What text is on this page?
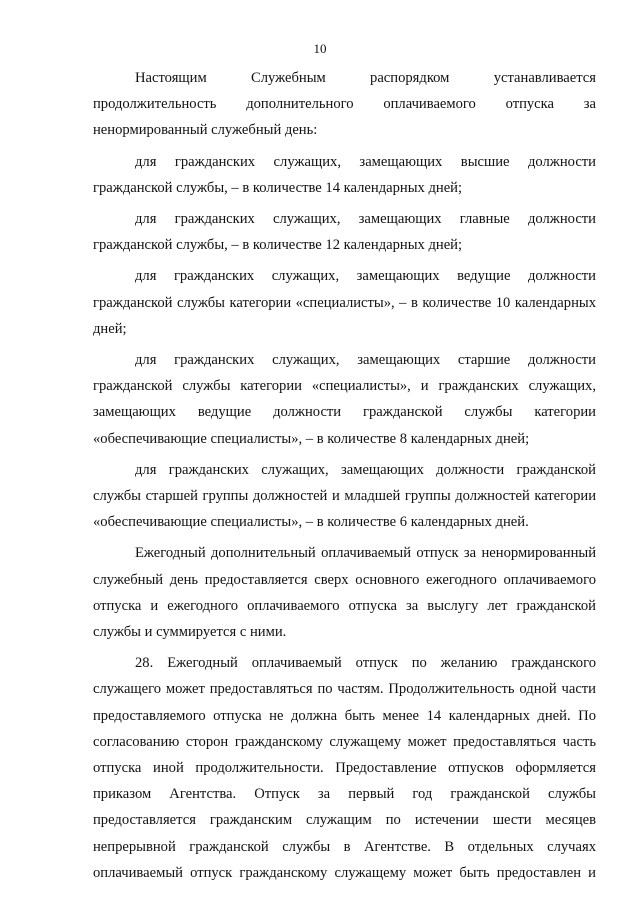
10

Настоящим Служебным распорядком устанавливается продолжительность дополнительного оплачиваемого отпуска за ненормированный служебный день:

для гражданских служащих, замещающих высшие должности гражданской службы, – в количестве 14 календарных дней;

для гражданских служащих, замещающих главные должности гражданской службы, – в количестве 12 календарных дней;

для гражданских служащих, замещающих ведущие должности гражданской службы категории «специалисты», – в количестве 10 календарных дней;

для гражданских служащих, замещающих старшие должности гражданской службы категории «специалисты», и гражданских служащих, замещающих ведущие должности гражданской службы категории «обеспечивающие специалисты», – в количестве 8 календарных дней;

для гражданских служащих, замещающих должности гражданской службы старшей группы должностей и младшей группы должностей категории «обеспечивающие специалисты», – в количестве 6 календарных дней.

Ежегодный дополнительный оплачиваемый отпуск за ненормированный служебный день предоставляется сверх основного ежегодного оплачиваемого отпуска и ежегодного оплачиваемого отпуска за выслугу лет гражданской службы и суммируется с ними.

28. Ежегодный оплачиваемый отпуск по желанию гражданского служащего может предоставляться по частям. Продолжительность одной части предоставляемого отпуска не должна быть менее 14 календарных дней. По согласованию сторон гражданскому служащему может предоставляться часть отпуска иной продолжительности. Предоставление отпусков оформляется приказом Агентства. Отпуск за первый год гражданской службы предоставляется гражданским служащим по истечении шести месяцев непрерывной гражданской службы в Агентстве. В отдельных случаях оплачиваемый отпуск гражданскому служащему может быть предоставлен и
